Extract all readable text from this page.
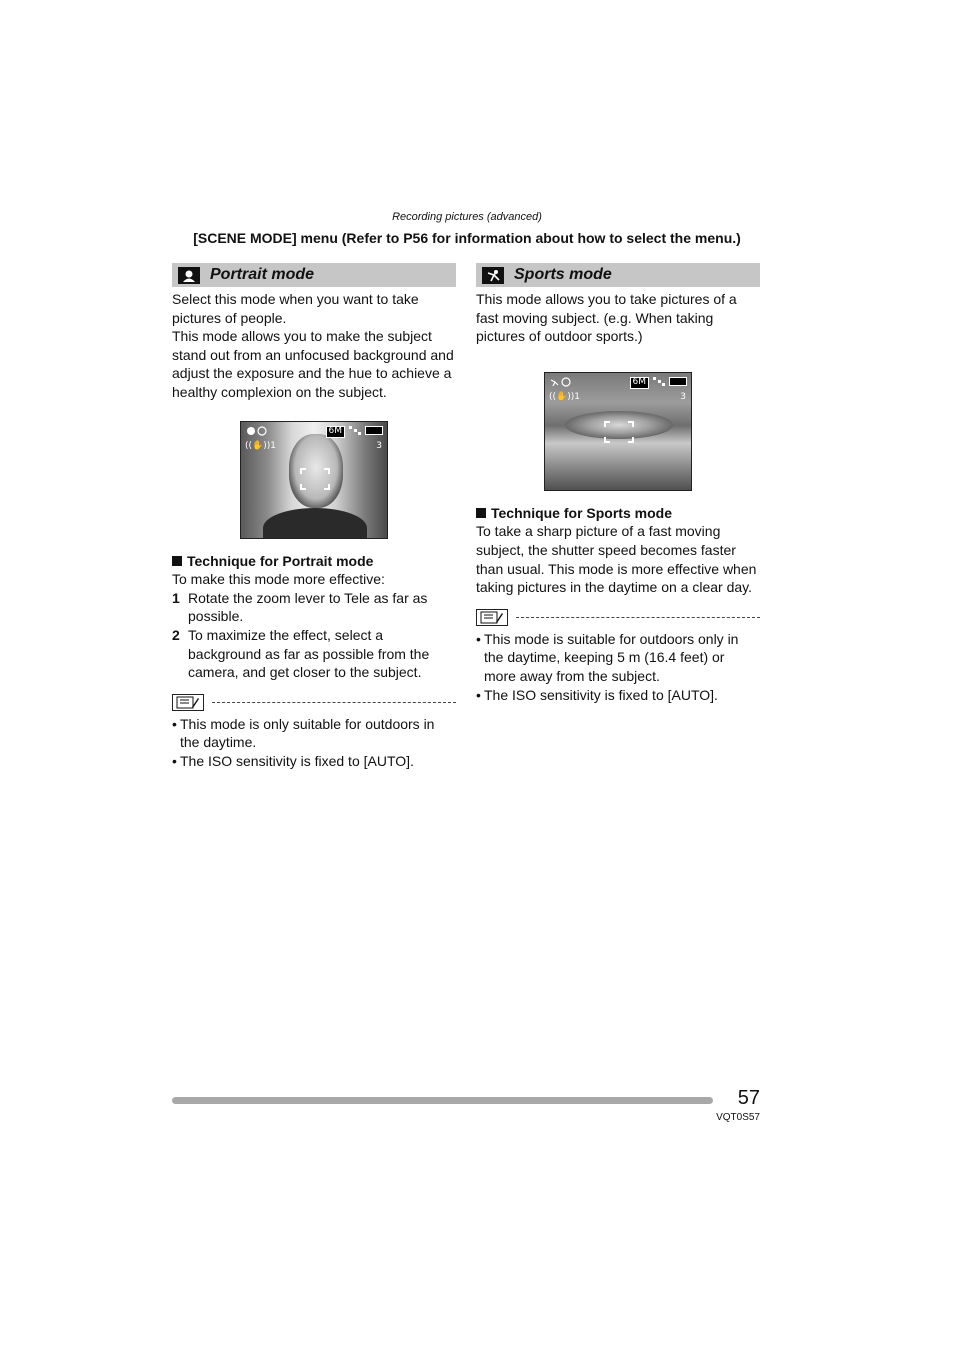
Recording pictures (advanced)
[SCENE MODE] menu (Refer to P56 for information about how to select the menu.)
Portrait mode

Select this mode when you want to take pictures of people.

This mode allows you to make the subject stand out from an unfocused background and adjust the exposure and the hue to achieve a healthy complexion on the subject.

6M
((✋))1	3
Technique for Portrait mode
To make this mode more effective:
1 Rotate the zoom lever to Tele as far as possible.
2 To maximize the effect, select a background as far as possible from the camera, and get closer to the subject.
• This mode is only suitable for outdoors in the daytime.
• The ISO sensitivity is fixed to [AUTO].
Sports mode
This mode allows you to take pictures of a fast moving subject. (e.g. When taking pictures of outdoor sports.)
6M
((✋))1	3
Technique for Sports mode
To take a sharp picture of a fast moving subject, the shutter speed becomes faster than usual. This mode is more effective when taking pictures in the daytime on a clear day.
• This mode is suitable for outdoors only in the daytime, keeping 5 m (16.4 feet) or more away from the subject.
• The ISO sensitivity is fixed to [AUTO].
57
VQT0S57
